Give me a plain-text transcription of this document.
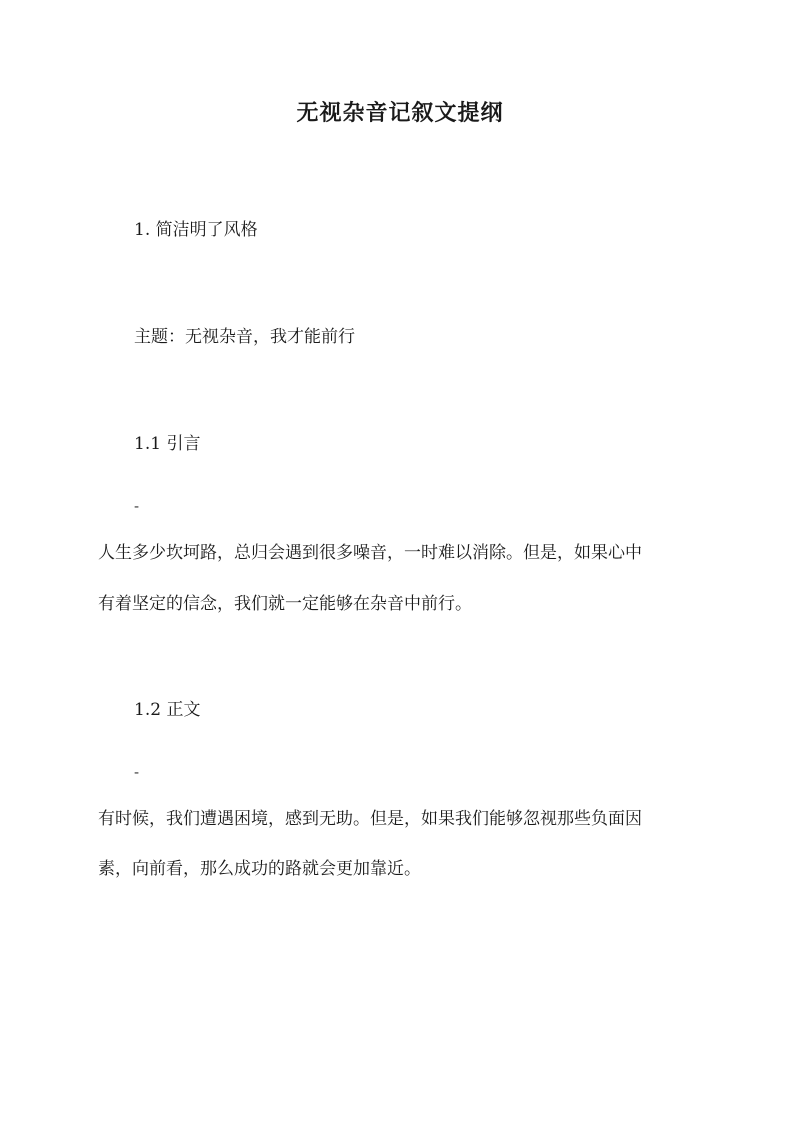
无视杂音记叙文提纲
1. 简洁明了风格
主题：无视杂音，我才能前行
1.1 引言
-
人生多少坎坷路，总归会遇到很多噪音，一时难以消除。但是，如果心中
有着坚定的信念，我们就一定能够在杂音中前行。
1.2 正文
-
有时候，我们遭遇困境，感到无助。但是，如果我们能够忽视那些负面因
素，向前看，那么成功的路就会更加靠近。
